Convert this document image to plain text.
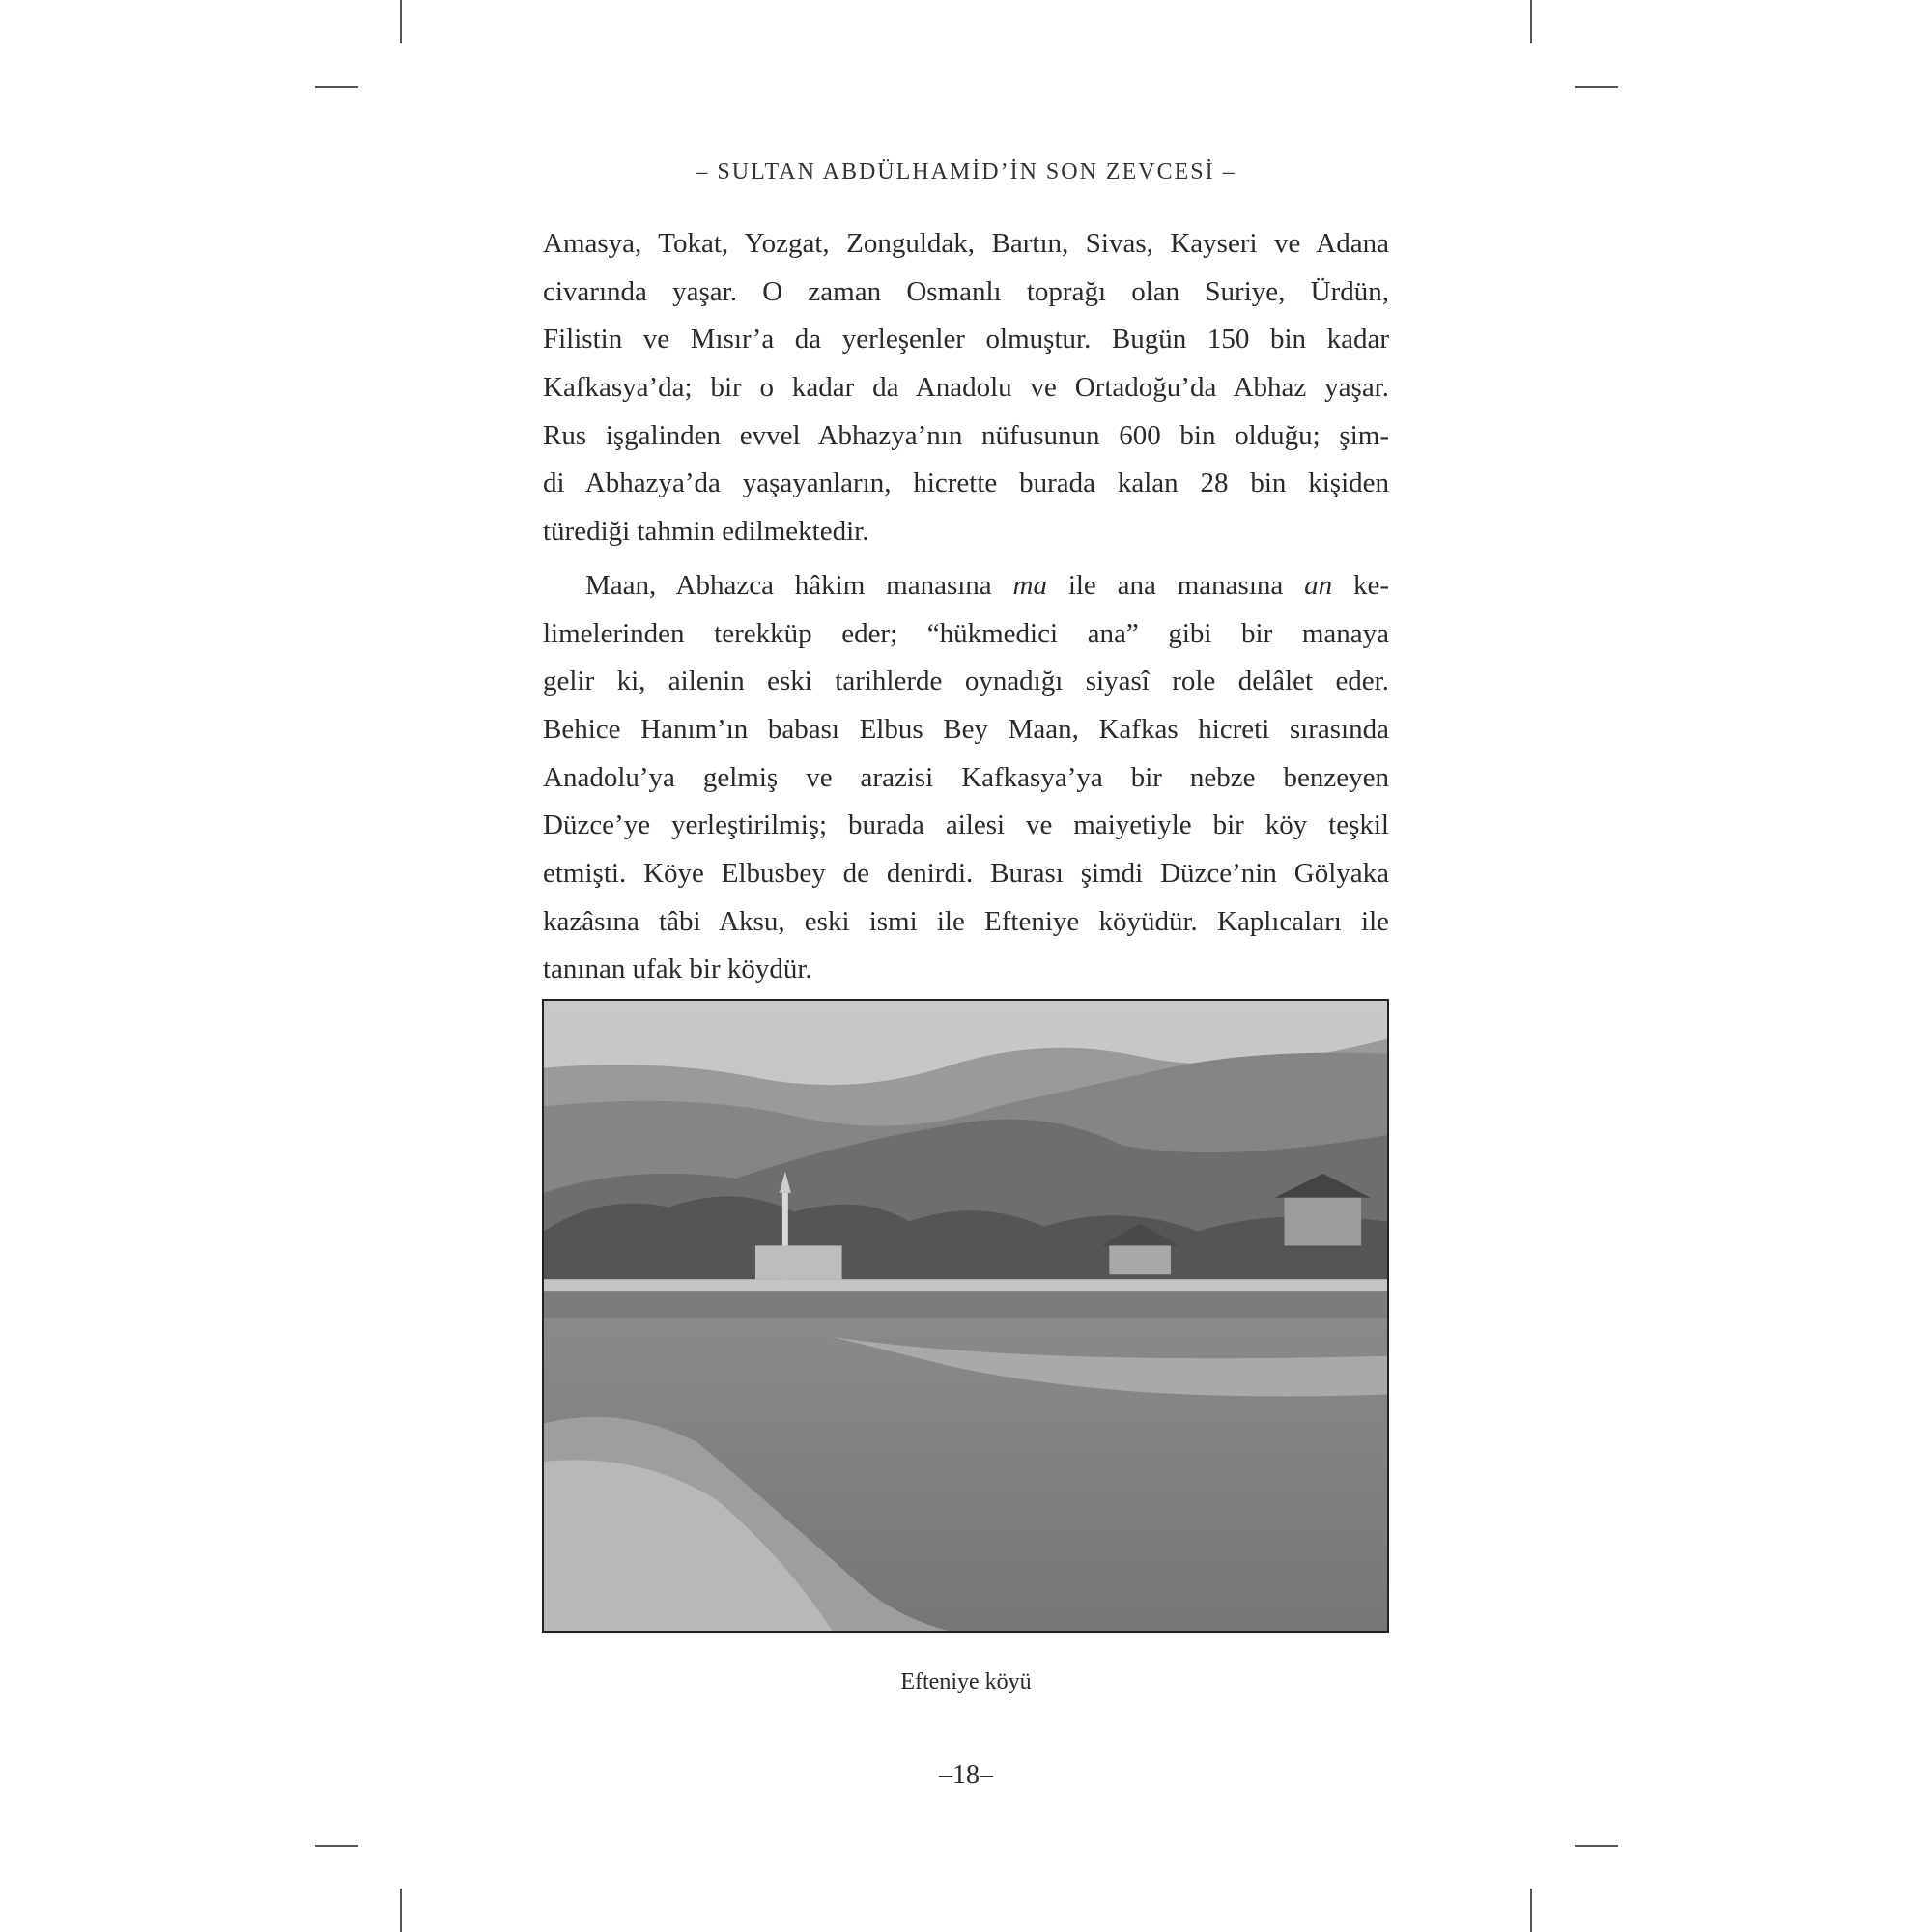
– SULTAN ABDÜLHAMİD’İN SON ZEVCESİ –
Amasya, Tokat, Yozgat, Zonguldak, Bartın, Sivas, Kayseri ve Adana
civarında yaşar. O zaman Osmanlı toprağı olan Suriye, Ürdün,
Filistin ve Mısır’a da yerleşenler olmuştur. Bugün 150 bin kadar
Kafkasya’da; bir o kadar da Anadolu ve Ortadoğu’da Abhaz yaşar.
Rus işgalinden evvel Abhazya’nın nüfusunun 600 bin olduğu; şim-
di Abhazya’da yaşayanların, hicrette burada kalan 28 bin kişiden
türediği tahmin edilmektedir.
Maan, Abhazca hâkim manasına ma ile ana manasına an ke-
limelerinden terekküp eder; “hükmedici ana” gibi bir manaya
gelir ki, ailenin eski tarihlerde oynadığı siyasî role delâlet eder.
Behice Hanım’ın babası Elbus Bey Maan, Kafkas hicreti sırasında
Anadolu’ya gelmiş ve arazisi Kafkasya’ya bir nebze benzeyen
Düzce’ye yerleştirilmiş; burada ailesi ve maiyetiyle bir köy teşkil
etmişti. Köye Elbusbey de denirdi. Burası şimdi Düzce’nin Gölyaka
kazâsına tâbi Aksu, eski ismi ile Efteniye köyüdür. Kaplıcaları ile
tanınan ufak bir köydür.
Efteniye köyü
–18–
